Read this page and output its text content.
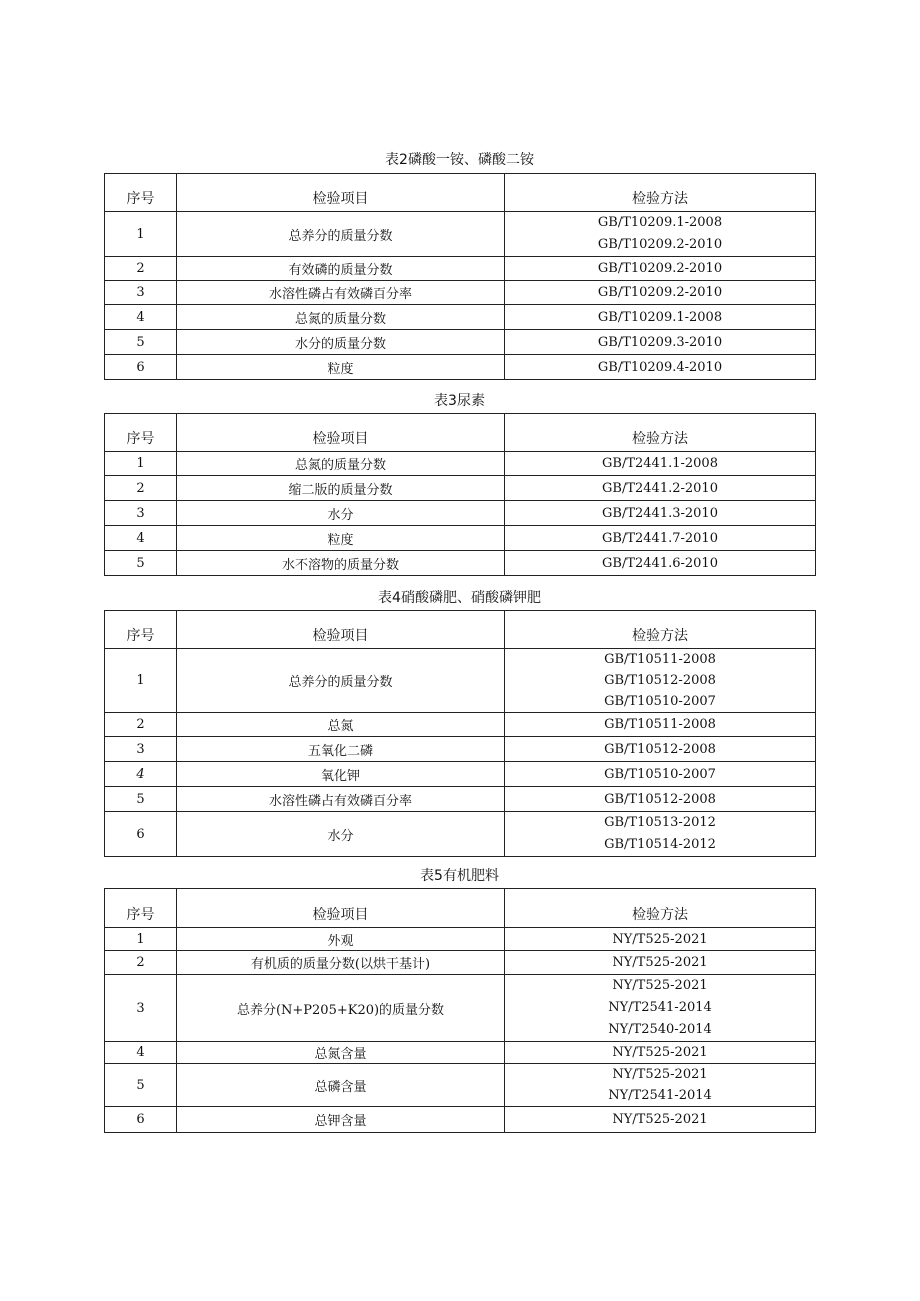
表2磷酸一铵、磷酸二铵
序号	检验项目	检验方法
1	总养分的质量分数	GB/T10209.1-2008
GB/T10209.2-2010

2	有效磷的质量分数	GB/T10209.2-2010
3	水溶性磷占有效磷百分率	GB/T10209.2-2010
4	总氮的质量分数	GB/T10209.1-2008
5	水分的质量分数	GB/T10209.3-2010
6	粒度	GB/T10209.4-2010
表3尿素
序号	检验项目	检验方法
1	总氮的质量分数	GB/T2441.1-2008
2	缩二版的质量分数	GB/T2441.2-2010
3	水分	GB/T2441.3-2010
4	粒度	GB/T2441.7-2010
5	水不溶物的质量分数	GB/T2441.6-2010
表4硝酸磷肥、硝酸磷钾肥
序号	检验项目	检验方法
1	总养分的质量分数	GB/T10511-2008
GB/T10512-2008
GB/T10510-2007

2	总氮	GB/T10511-2008
3	五氧化二磷	GB/T10512-2008
4	氧化钾	GB/T10510-2007
5	水溶性磷占有效磷百分率	GB/T10512-2008
6	水分	GB/T10513-2012
GB/T10514-2012
表5有机肥料
序号	检验项目	检验方法
1	外观	NY/T525-2021
2	有机质的质量分数(以烘干基计)	NY/T525-2021
3	总养分(N+P205+K20)的质量分数	NY/T525-2021
NY/T2541-2014
NY/T2540-2014

4	总氮含量	NY/T525-2021
5	总磷含量	NY/T525-2021
NY/T2541-2014

6	总钾含量	NY/T525-2021
